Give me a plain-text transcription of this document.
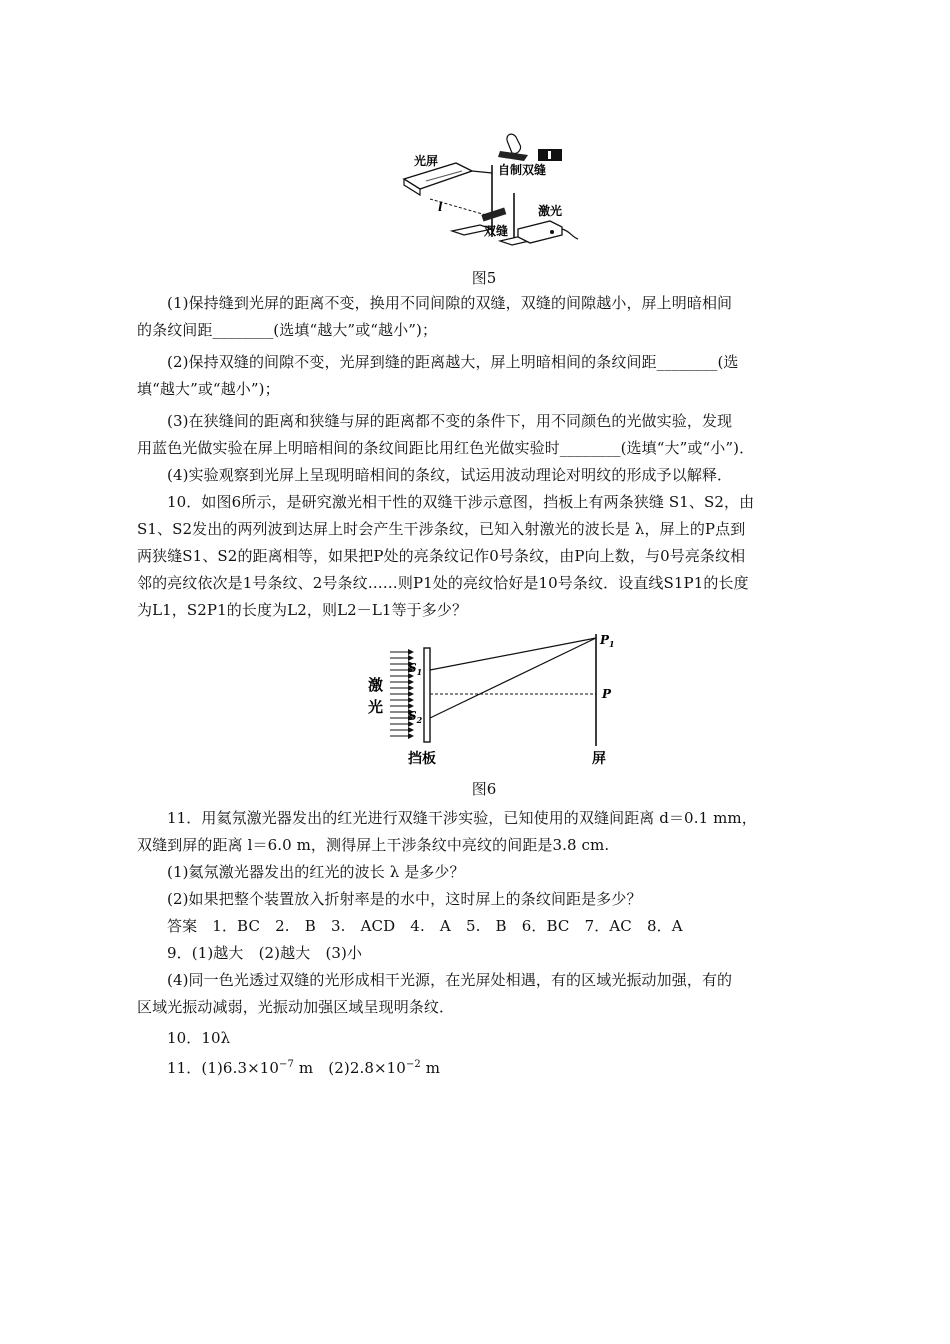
自制双缝
光屏
l
双缝
激光
图5

(1)保持缝到光屏的距离不变，换用不同间隙的双缝，双缝的间隙越小，屏上明暗相间

的条纹间距________(选填“越大”或“越小”)；

(2)保持双缝的间隙不变，光屏到缝的距离越大，屏上明暗相间的条纹间距________(选

填“越大”或“越小”)；

(3)在狭缝间的距离和狭缝与屏的距离都不变的条件下，用不同颜色的光做实验，发现

用蓝色光做实验在屏上明暗相间的条纹间距比用红色光做实验时________(选填“大”或“小”)．

(4)实验观察到光屏上呈现明暗相间的条纹，试运用波动理论对明纹的形成予以解释．

10．如图6所示，是研究激光相干性的双缝干涉示意图，挡板上有两条狭缝 S1、S2，由

S1、S2发出的两列波到达屏上时会产生干涉条纹，已知入射激光的波长是 λ，屏上的P点到

两狭缝S1、S2的距离相等，如果把P处的亮条纹记作0号条纹，由P向上数，与0号亮条纹相

邻的亮纹依次是1号条纹、2号条纹……则P1处的亮纹恰好是10号条纹．设直线S1P1的长度

为L1，S2P1的长度为L2，则L2－L1等于多少？

激
光
$S_1$
$S_2$
挡板
$P_1$
P
屏
图6

11．用氦氖激光器发出的红光进行双缝干涉实验，已知使用的双缝间距离 d＝0.1 mm，

双缝到屏的距离 l＝6.0 m，测得屏上干涉条纹中亮纹的间距是3.8 cm.

(1)氦氖激光器发出的红光的波长 λ 是多少？

(2)如果把整个装置放入折射率是的水中，这时屏上的条纹间距是多少？

答案　1．BC　2.　B　3.　ACD　4.　A　5.　B　6．BC　7．AC　8．A

9．(1)越大　(2)越大　(3)小

(4)同一色光透过双缝的光形成相干光源，在光屏处相遇，有的区域光振动加强，有的

区域光振动减弱，光振动加强区域呈现明条纹．

10．10λ

11．$(1)6.3\times 10^{-7}$ m　$(2)2.8\times 10^{-2}$ m
